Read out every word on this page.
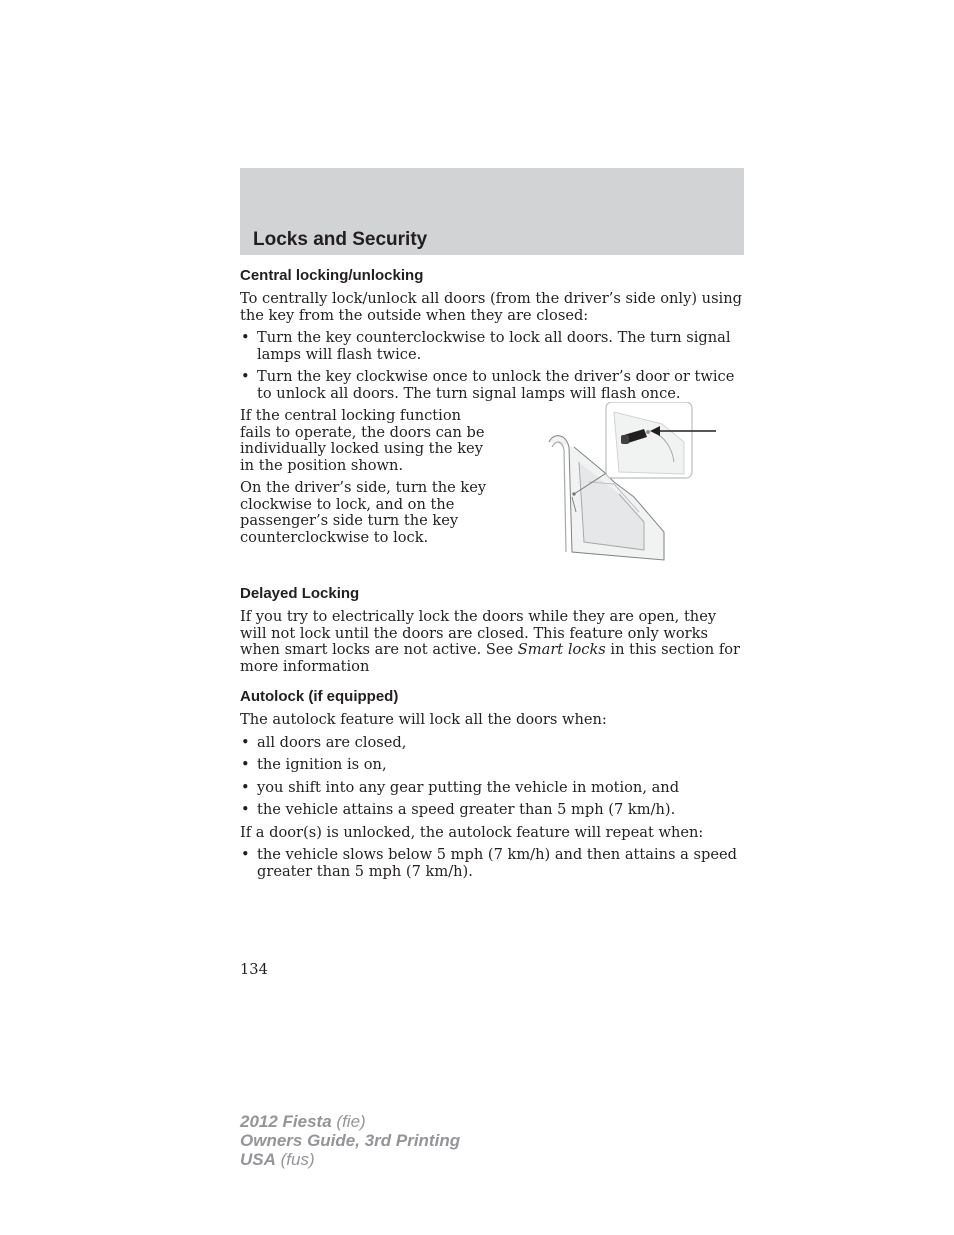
Locks and Security
Central locking/unlocking

To centrally lock/unlock all doors (from the driver’s side only) using the key from the outside when they are closed:

• Turn the key counterclockwise to lock all doors. The turn signal lamps will flash twice.
• Turn the key clockwise once to unlock the driver’s door or twice to unlock all doors. The turn signal lamps will flash once.

If the central locking function fails to operate, the doors can be individually locked using the key in the position shown.

On the driver’s side, turn the key clockwise to lock, and on the passenger’s side turn the key counterclockwise to lock.

Delayed Locking

If you try to electrically lock the doors while they are open, they will not lock until the doors are closed. This feature only works when smart locks are not active. See Smart locks in this section for more information

Autolock (if equipped)

The autolock feature will lock all the doors when:

• all doors are closed,
• the ignition is on,
• you shift into any gear putting the vehicle in motion, and
• the vehicle attains a speed greater than 5 mph (7 km/h).

If a door(s) is unlocked, the autolock feature will repeat when:

• the vehicle slows below 5 mph (7 km/h) and then attains a speed greater than 5 mph (7 km/h).
134
2012 Fiesta (fie)
Owners Guide, 3rd Printing
USA (fus)
